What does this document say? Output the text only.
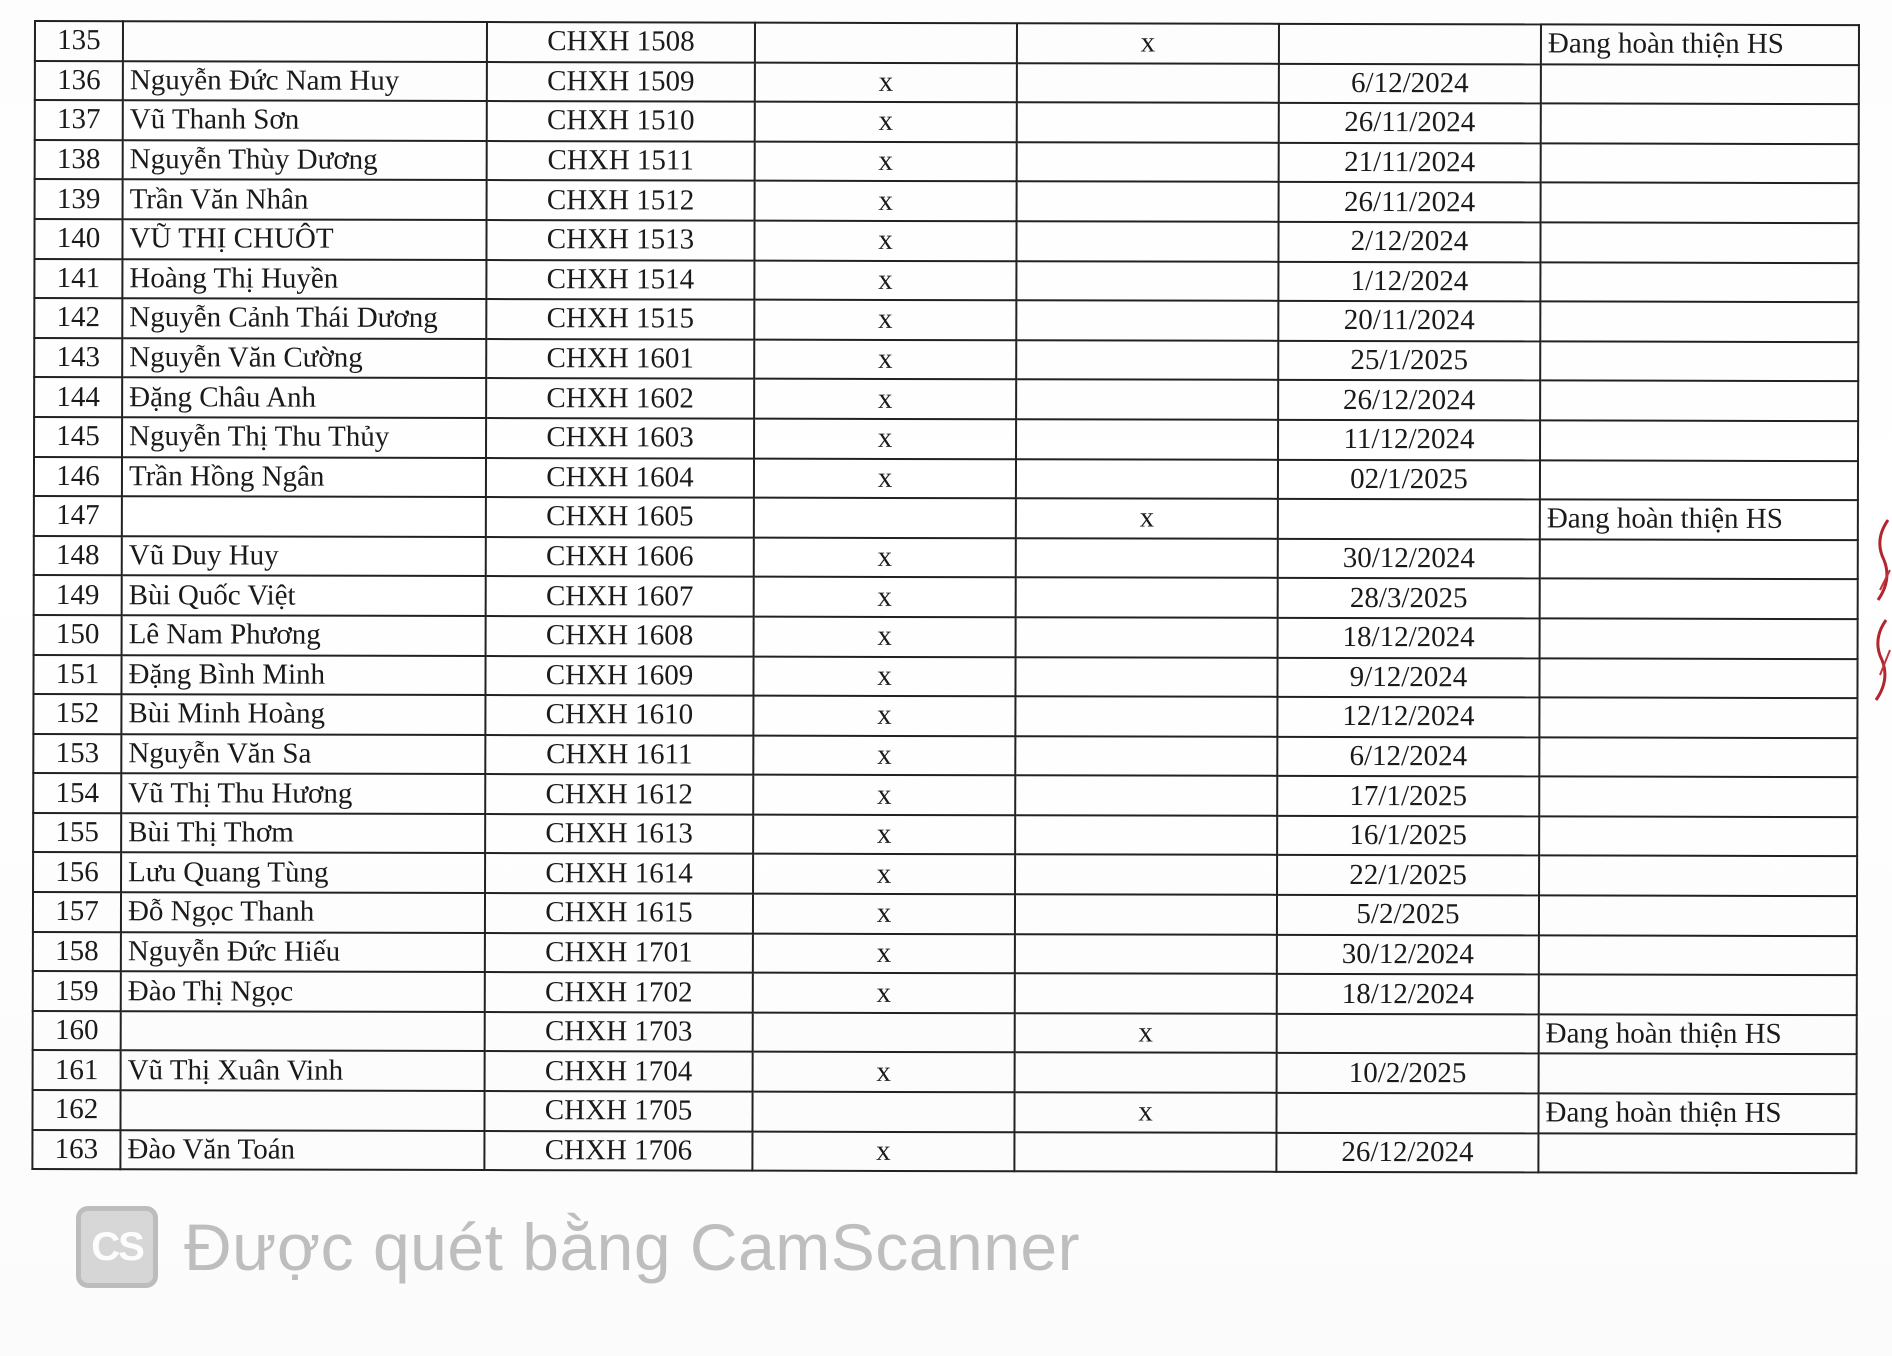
135		CHXH 1508		x		Đang hoàn thiện HS
136	Nguyễn Đức Nam Huy	CHXH 1509	x		6/12/2024	
137	Vũ Thanh Sơn	CHXH 1510	x		26/11/2024	
138	Nguyễn Thùy Dương	CHXH 1511	x		21/11/2024	
139	Trần Văn Nhân	CHXH 1512	x		26/11/2024	
140	VŨ THỊ CHUÔT	CHXH 1513	x		2/12/2024	
141	Hoàng Thị Huyền	CHXH 1514	x		1/12/2024	
142	Nguyễn Cảnh Thái Dương	CHXH 1515	x		20/11/2024	
143	Nguyễn Văn Cường	CHXH 1601	x		25/1/2025	
144	Đặng Châu Anh	CHXH 1602	x		26/12/2024	
145	Nguyễn Thị Thu Thủy	CHXH 1603	x		11/12/2024	
146	Trần Hồng Ngân	CHXH 1604	x		02/1/2025	
147		CHXH 1605		x		Đang hoàn thiện HS
148	Vũ Duy Huy	CHXH 1606	x		30/12/2024	
149	Bùi Quốc Việt	CHXH 1607	x		28/3/2025	
150	Lê Nam Phương	CHXH 1608	x		18/12/2024	
151	Đặng Bình Minh	CHXH 1609	x		9/12/2024	
152	Bùi Minh Hoàng	CHXH 1610	x		12/12/2024	
153	Nguyễn Văn Sa	CHXH 1611	x		6/12/2024	
154	Vũ Thị Thu Hương	CHXH 1612	x		17/1/2025	
155	Bùi Thị Thơm	CHXH 1613	x		16/1/2025	
156	Lưu Quang Tùng	CHXH 1614	x		22/1/2025	
157	Đỗ Ngọc Thanh	CHXH 1615	x		5/2/2025	
158	Nguyễn Đức Hiếu	CHXH 1701	x		30/12/2024	
159	Đào Thị Ngọc	CHXH 1702	x		18/12/2024	
160		CHXH 1703		x		Đang hoàn thiện HS
161	Vũ Thị Xuân Vinh	CHXH 1704	x		10/2/2025	
162		CHXH 1705		x		Đang hoàn thiện HS
163	Đào Văn Toán	CHXH 1706	x		26/12/2024	
CS Được quét bằng CamScanner
